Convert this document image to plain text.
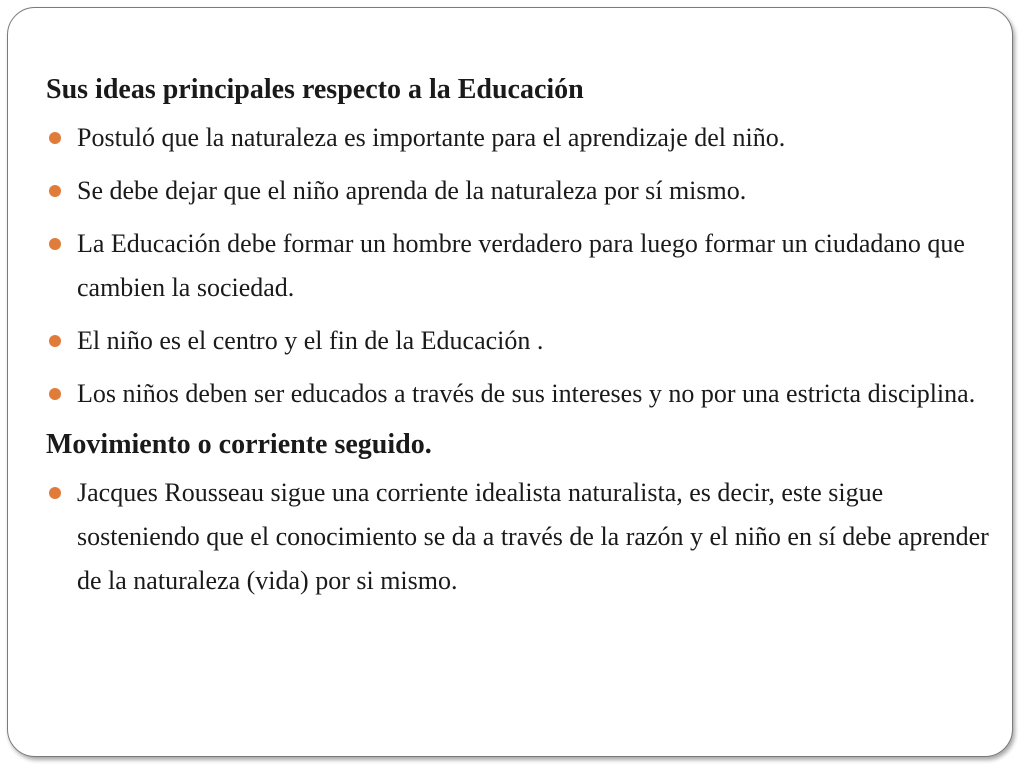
Sus ideas principales respecto a la Educación

Postuló que la naturaleza es importante para el aprendizaje del niño.
Se debe dejar que el niño aprenda de la naturaleza por sí mismo.
La Educación debe formar un hombre verdadero para luego formar un ciudadano que cambien la sociedad.
El niño es el centro y el fin de la Educación .
Los niños deben ser educados a través de sus intereses y no por una estricta disciplina.

Movimiento o corriente seguido.

Jacques Rousseau sigue una corriente idealista naturalista, es decir, este sigue sosteniendo que el conocimiento se da a través de la razón y el niño en sí debe aprender de la naturaleza (vida) por si mismo.
